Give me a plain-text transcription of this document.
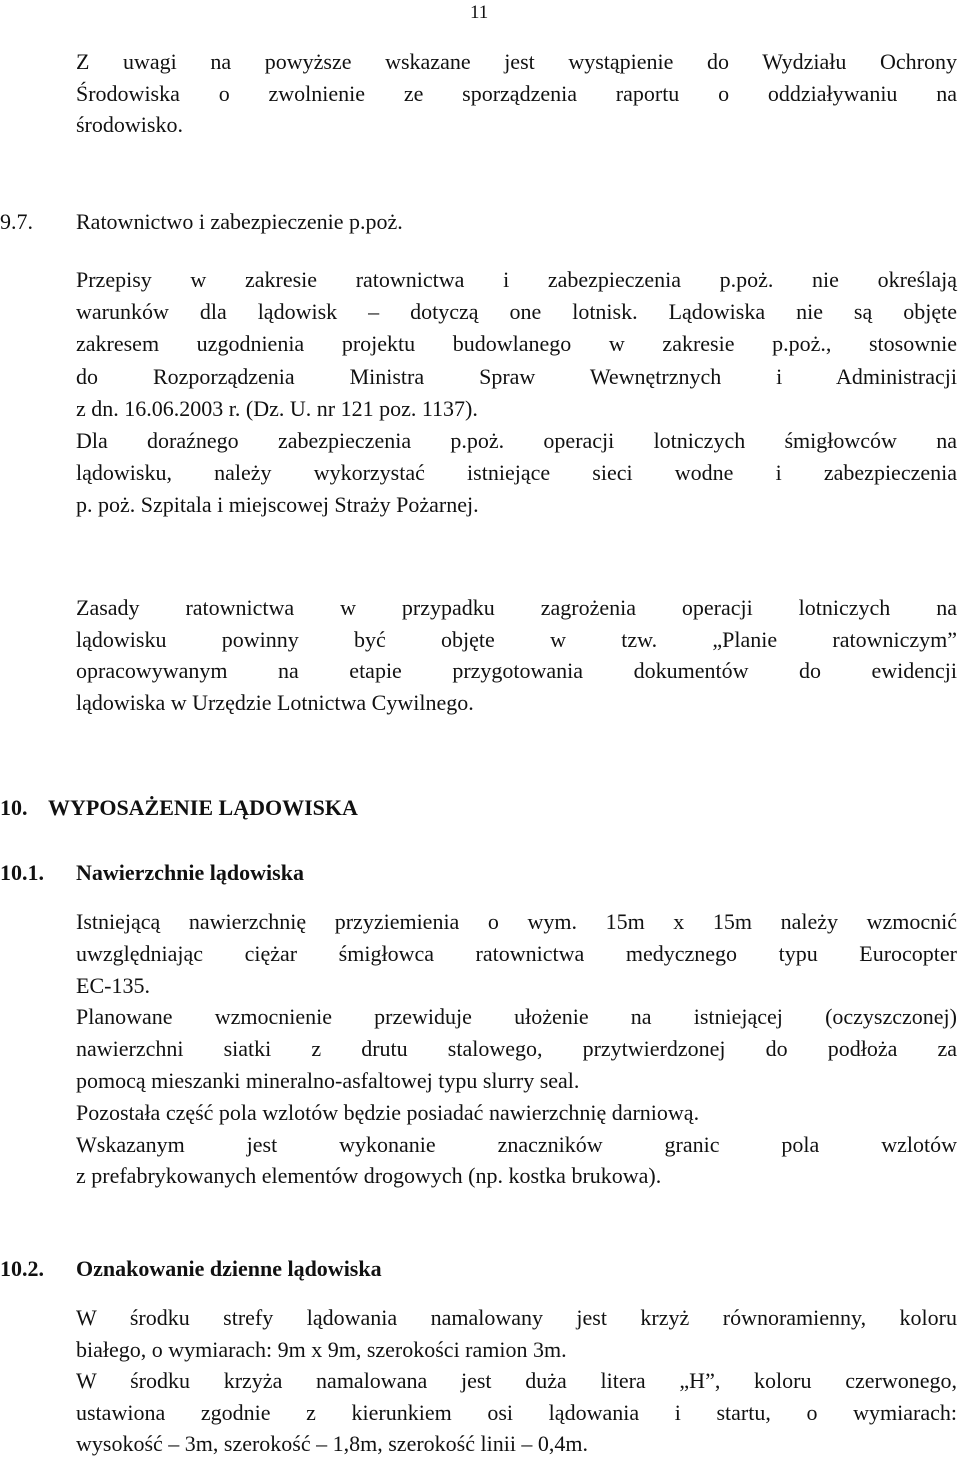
11
Z uwagi na powyższe wskazane jest wystąpienie do Wydziału Ochrony
Środowiska o zwolnienie ze sporządzenia raportu o oddziaływaniu na
środowisko.
9.7. Ratownictwo i zabezpieczenie p.poż.
Przepisy w zakresie ratownictwa i zabezpieczenia p.poż. nie określają
warunków dla lądowisk – dotyczą one lotnisk. Lądowiska nie są objęte
zakresem uzgodnienia projektu budowlanego w zakresie p.poż., stosownie
do Rozporządzenia Ministra Spraw Wewnętrznych i Administracji
z dn. 16.06.2003 r. (Dz. U. nr 121 poz. 1137).
Dla doraźnego zabezpieczenia p.poż. operacji lotniczych śmigłowców na
lądowisku, należy wykorzystać istniejące sieci wodne i zabezpieczenia
p. poż. Szpitala i miejscowej Straży Pożarnej.
Zasady ratownictwa w przypadku zagrożenia operacji lotniczych na
lądowisku powinny być objęte w tzw. „Planie ratowniczym”
opracowywanym na etapie przygotowania dokumentów do ewidencji
lądowiska w Urzędzie Lotnictwa Cywilnego.
10. WYPOSAŻENIE LĄDOWISKA
10.1. Nawierzchnie lądowiska
Istniejącą nawierzchnię przyziemienia o wym. 15m x 15m należy wzmocnić
uwzględniając ciężar śmigłowca ratownictwa medycznego typu Eurocopter
EC-135.
Planowane wzmocnienie przewiduje ułożenie na istniejącej (oczyszczonej)
nawierzchni siatki z drutu stalowego, przytwierdzonej do podłoża za
pomocą mieszanki mineralno-asfaltowej typu slurry seal.
Pozostała część pola wzlotów będzie posiadać nawierzchnię darniową.
Wskazanym jest wykonanie znaczników granic pola wzlotów
z prefabrykowanych elementów drogowych (np. kostka brukowa).
10.2. Oznakowanie dzienne lądowiska
W środku strefy lądowania namalowany jest krzyż równoramienny, koloru
białego, o wymiarach: 9m x 9m, szerokości ramion 3m.
W środku krzyża namalowana jest duża litera „H”, koloru czerwonego,
ustawiona zgodnie z kierunkiem osi lądowania i startu, o wymiarach:
wysokość – 3m, szerokość – 1,8m, szerokość linii – 0,4m.
